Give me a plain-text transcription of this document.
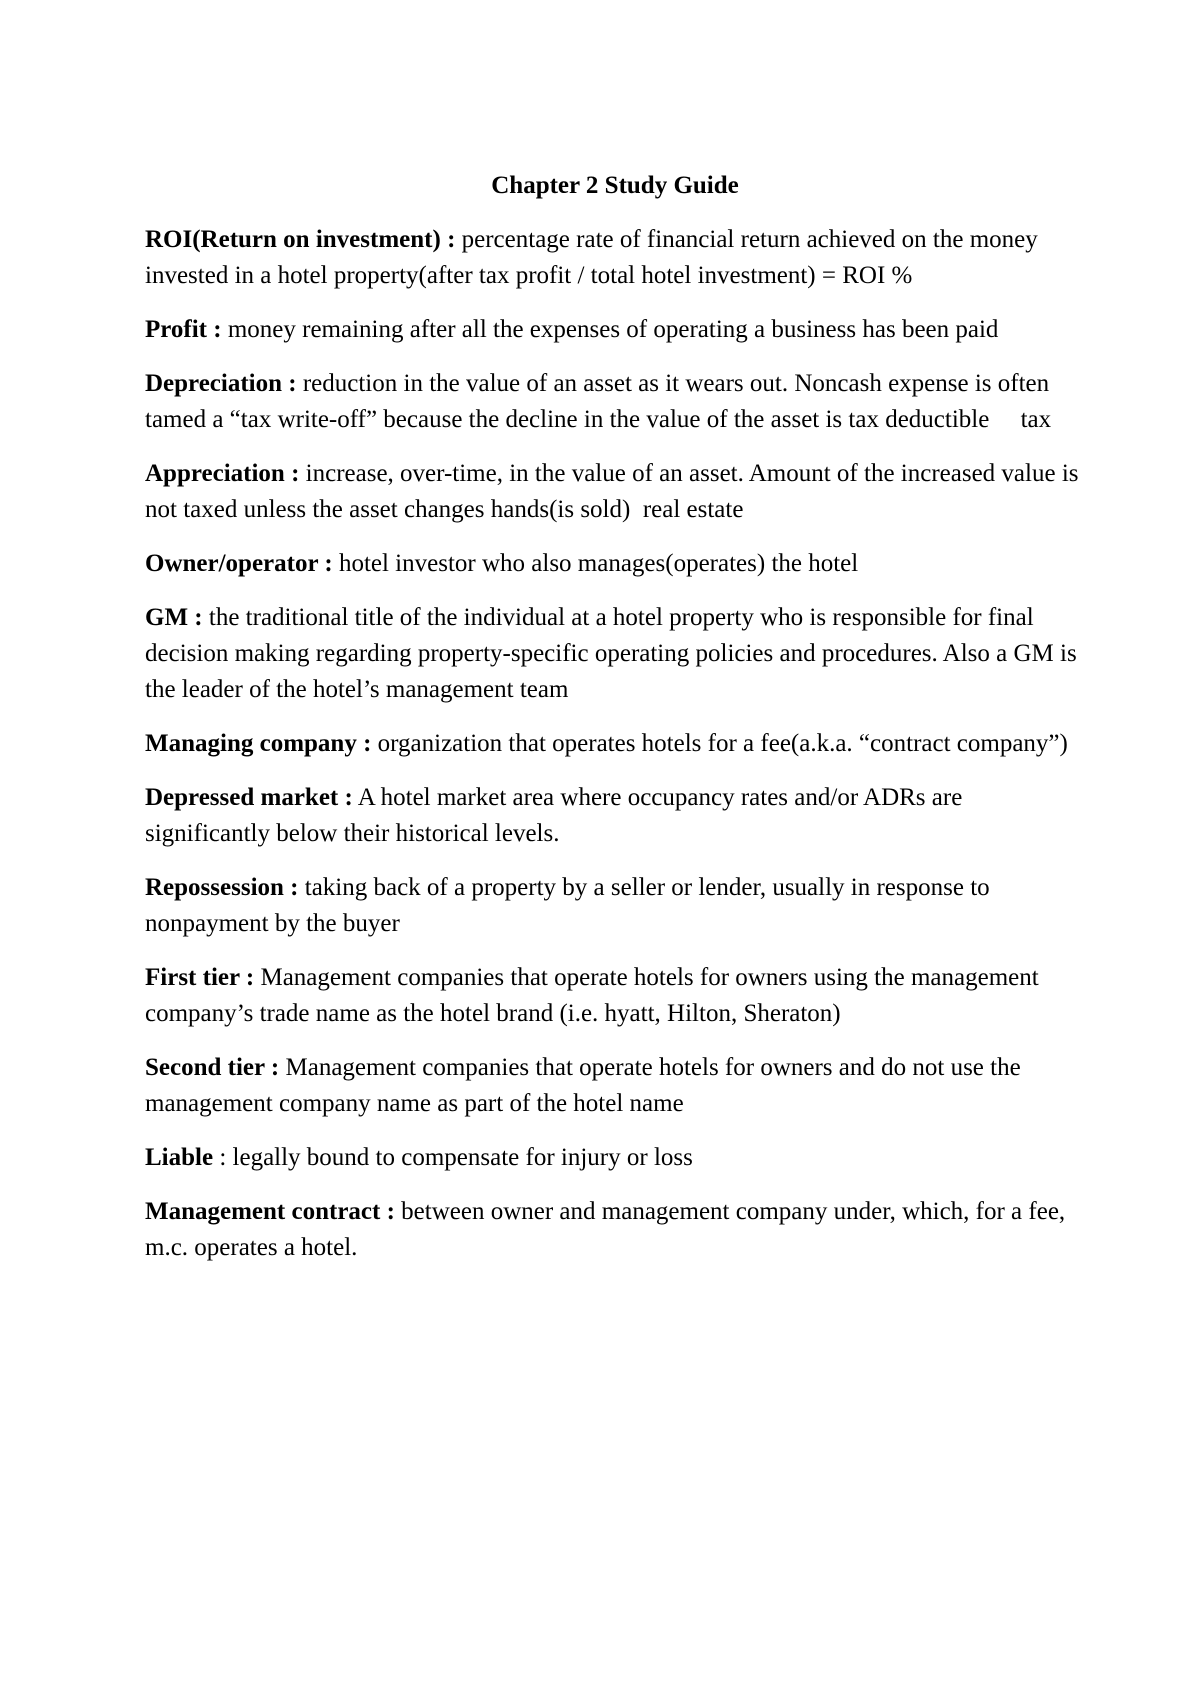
Chapter 2 Study Guide

ROI(Return on investment) : percentage rate of financial return achieved on the money invested in a hotel property(after tax profit / total hotel investment) = ROI %

Profit : money remaining after all the expenses of operating a business has been paid

Depreciation : reduction in the value of an asset as it wears out. Noncash expense is often tamed a “tax write-off” because the decline in the value of the asset is tax deductible     tax

Appreciation : increase, over-time, in the value of an asset. Amount of the increased value is not taxed unless the asset changes hands(is sold)  real estate

Owner/operator : hotel investor who also manages(operates) the hotel

GM : the traditional title of the individual at a hotel property who is responsible for final decision making regarding property-specific operating policies and procedures. Also a GM is the leader of the hotel’s management team

Managing company : organization that operates hotels for a fee(a.k.a. “contract company”)

Depressed market : A hotel market area where occupancy rates and/or ADRs are significantly below their historical levels.

Repossession : taking back of a property by a seller or lender, usually in response to nonpayment by the buyer

First tier : Management companies that operate hotels for owners using the management company’s trade name as the hotel brand (i.e. hyatt, Hilton, Sheraton)

Second tier : Management companies that operate hotels for owners and do not use the management company name as part of the hotel name

Liable : legally bound to compensate for injury or loss

Management contract : between owner and management company under, which, for a fee, m.c. operates a hotel.
